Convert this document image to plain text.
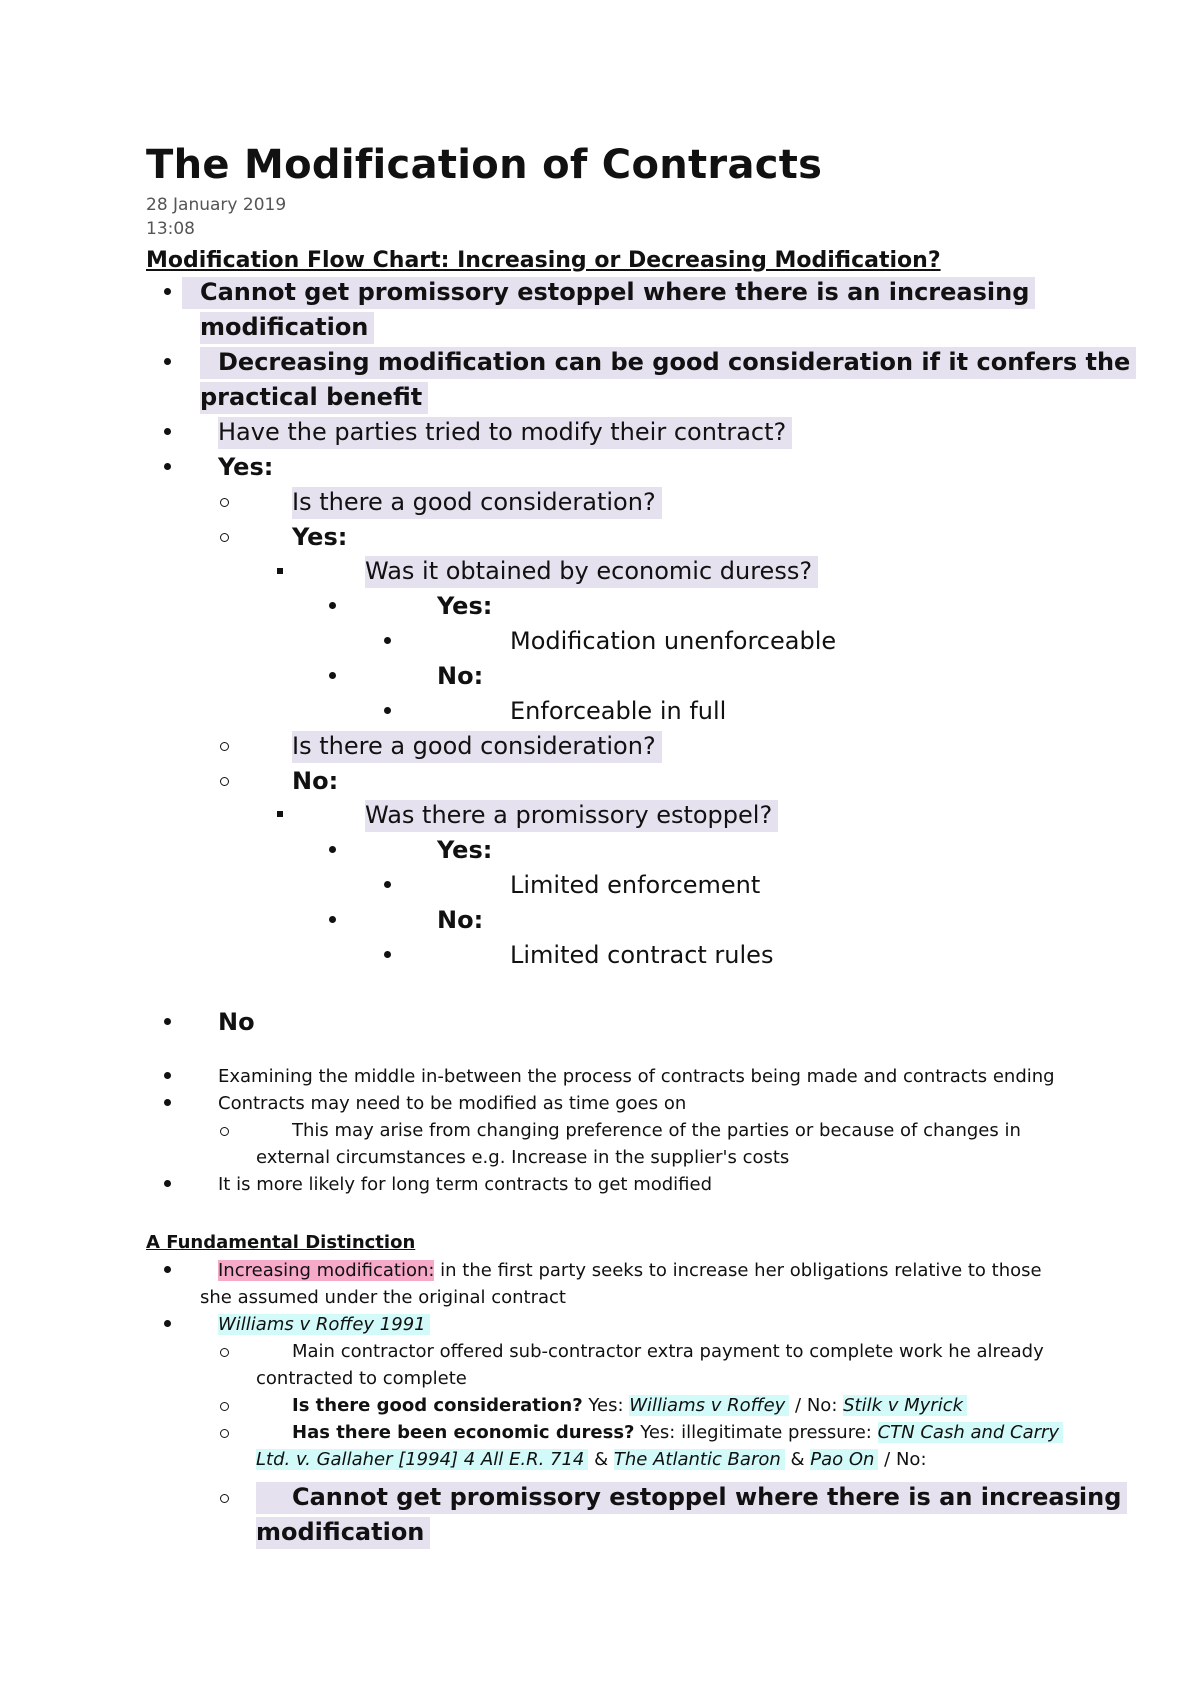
The Modification of Contracts
28 January 2019
13:08
Modification Flow Chart: Increasing or Decreasing Modification?
Cannot get promissory estoppel where there is an increasing
modification
Decreasing modification can be good consideration if it confers the
practical benefit
Have the parties tried to modify their contract?
Yes:
Is there a good consideration?
Yes:
Was it obtained by economic duress?
Yes:
Modification unenforceable
No:
Enforceable in full
Is there a good consideration?
No:
Was there a promissory estoppel?
Yes:
Limited enforcement
No:
Limited contract rules
No
Examining the middle in-between the process of contracts being made and contracts ending
Contracts may need to be modified as time goes on
This may arise from changing preference of the parties or because of changes in
external circumstances e.g. Increase in the supplier's costs
It is more likely for long term contracts to get modified
A Fundamental Distinction
Increasing modification: in the first party seeks to increase her obligations relative to those
she assumed under the original contract
Williams v Roffey 1991
Main contractor offered sub-contractor extra payment to complete work he already
contracted to complete
Is there good consideration? Yes: Williams v Roffey / No: Stilk v Myrick
Has there been economic duress? Yes: illegitimate pressure: CTN Cash and Carry
Ltd. v. Gallaher [1994] 4 All E.R. 714 & The Atlantic Baron & Pao On / No:
Cannot get promissory estoppel where there is an increasing
modification
